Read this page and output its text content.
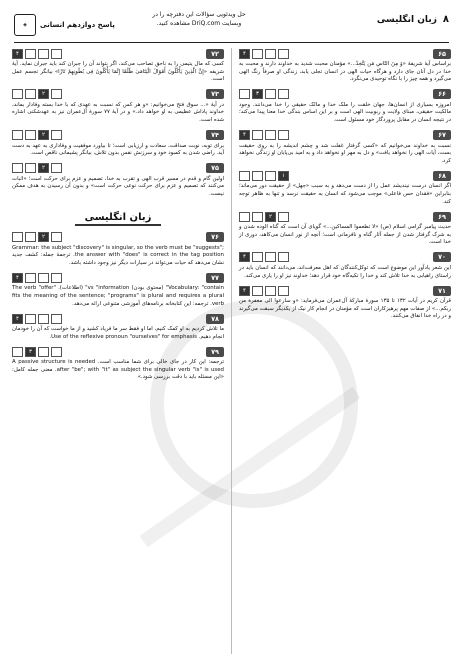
۸
زبان انگلیسی
حل ویدئویی سؤالات این دفترچه را در
وبسایت DriQ.com مشاهده کنید.
پاسخ دوازدهم انسانی
◈
۶۵
۴
براساس آیهٔ شریفهٔ «وَ مِنَ النّاسِ مَن یَتَّخِذُ...» مؤمنان محبت شدید به خداوند دارند و محبت به خدا در دل آنان جای دارد و هرگاه حیات الهی در انسان تجلی یابد، زندگی او صرفاً رنگ الهی می‌گیرد و همه چیز را با نگاه توحیدی می‌نگرد.
۶۶
۳
امروزه بسیاری از انسان‌ها، جهان خلقت را ملک خدا و مالک حقیقی را خدا می‌دانند. وجود مالکیت حقیقی، مبنای ولایت و ربوبیت الهی است و بر این اساس بندگی خدا معنا پیدا می‌کند؛ در نتیجه انسان در مقابل پروردگار خود مسئول است.
۶۷
۴
نسبت به خداوند می‌خوانیم که «کسی گرفتار غفلت شد و چشم اندیشه را به روی حقیقت بست، آیات الهی را نخواهد یافت» و دل به مهر او نخواهد داد و به امید بی‌پایان او زندگی نخواهد کرد.
۶۸
۱
اگر انسان درست نیندیشد عمل را از دست می‌دهد و به سبب «جهل» از حقیقت دور می‌ماند؛ بنابراین «فقدان حس فاعلی» موجب می‌شود که انسان به حقیقت نرسد و تنها به ظاهر توجه کند.
۶۹
۲
حدیث پیامبر گرامی اسلام (ص) «لا تطعموا المساکین...» گویای آن است که گناه الوده شدن و به شرک گرفتار شدن از جمله آثار گناه و نافرمانی است؛ آنچه از نور انسان می‌کاهد، دوری از خدا است.
۷۰
۴
این شعر یادآور این موضوع است که توکل‌کنندگان که اهل معرفت‌اند، می‌دانند که انسان باید در راستای راهیابی به خدا تلاش کند و خدا را تکیه‌گاه خود قرار دهد؛ خداوند نیز او را یاری می‌کند.
۷۱
۴
قرآن کریم در آیات ۱۳۲ تا ۱۳۵ سورهٔ مبارکهٔ آل‌عمران می‌فرماید: «و سارعوا الی مغفرة من ربکم...» از صفات مهم پرهیزکاران است که مؤمنان در انجام کار نیک از یکدیگر سبقت می‌گیرند و در راه خدا انفاق می‌کنند.
۷۲
۴
کسی که مال یتیمی را به ناحق تصاحب می‌کند، اگر بتواند آن را جبران کند باید جبران نماید. آیهٔ شریفه «إِنَّ الَّذِینَ یَأْکُلُونَ أَمْوَالَ الْیَتَامَیٰ ظُلْمًا إِنَّمَا یَأْکُلُونَ فِی بُطُونِهِمْ نَارًا» بیانگر تجسم عمل است.
۷۳
۲
در آیهٔ «... سوق فتح می‌خوانیم: «و هر کس که نسبت به عهدی که با خدا بسته وفادار بماند، خداوند پاداش عظیمی به او خواهد داد.» و در آیهٔ ۷۷ سورهٔ آل‌عمران نیز به عهدشکنی اشاره شده است.
۷۴
۲
برای توبه، نوبت صداقت، سعادت و ارزیابی است؛ تا بیاورد موفقیت و وفاداری به عهد به دست آید. راضی شدن به کمبود خود و سرزنش نفس بدون تلاش، بیانگر پشیمانی ناقص است.
۷۵
۲
اولین گام و قدم در مسیر قرب الهی و تقرب به خدا، تصمیم و عزم برای حرکت است؛ «اثبات می‌کنند که تصمیم و عزم برای حرکت نوعی حرکت است» و بدون آن رسیدن به هدف ممکن نیست.
زبان انگلیسی
۷۶
۲
Grammar: the subject "discovery" is singular, so the verb must be "suggests"; the answer with "does" is correct in the tag position. ترجمهٔ جمله: کشف جدید نشان می‌دهد که حیات می‌تواند در سیارات دیگر نیز وجود داشته باشد.
۷۷
۴
Vocabulary: "contain" (محتوی بودن) vs "information" (اطلاعات). The verb "offer" fits the meaning of the sentence; "programs" is plural and requires a plural verb. ترجمه: این کتابخانه برنامه‌های آموزشی متنوعی ارائه می‌دهد.
۷۸
۴
ما تلاش کردیم به او کمک کنیم، اما او فقط سر ما فریاد کشید و از ما خواست که آن را خودمان انجام دهیم. Use of the reflexive pronoun "ourselves" for emphasis.
۷۹
۳
ترجمه: این کار در جای خالی برای شما مناسب است. A passive structure is needed after "be"; with "it" as subject the singular verb "is" is used. معنی جمله کامل: «این مسئله باید با دقت بررسی شود.»
